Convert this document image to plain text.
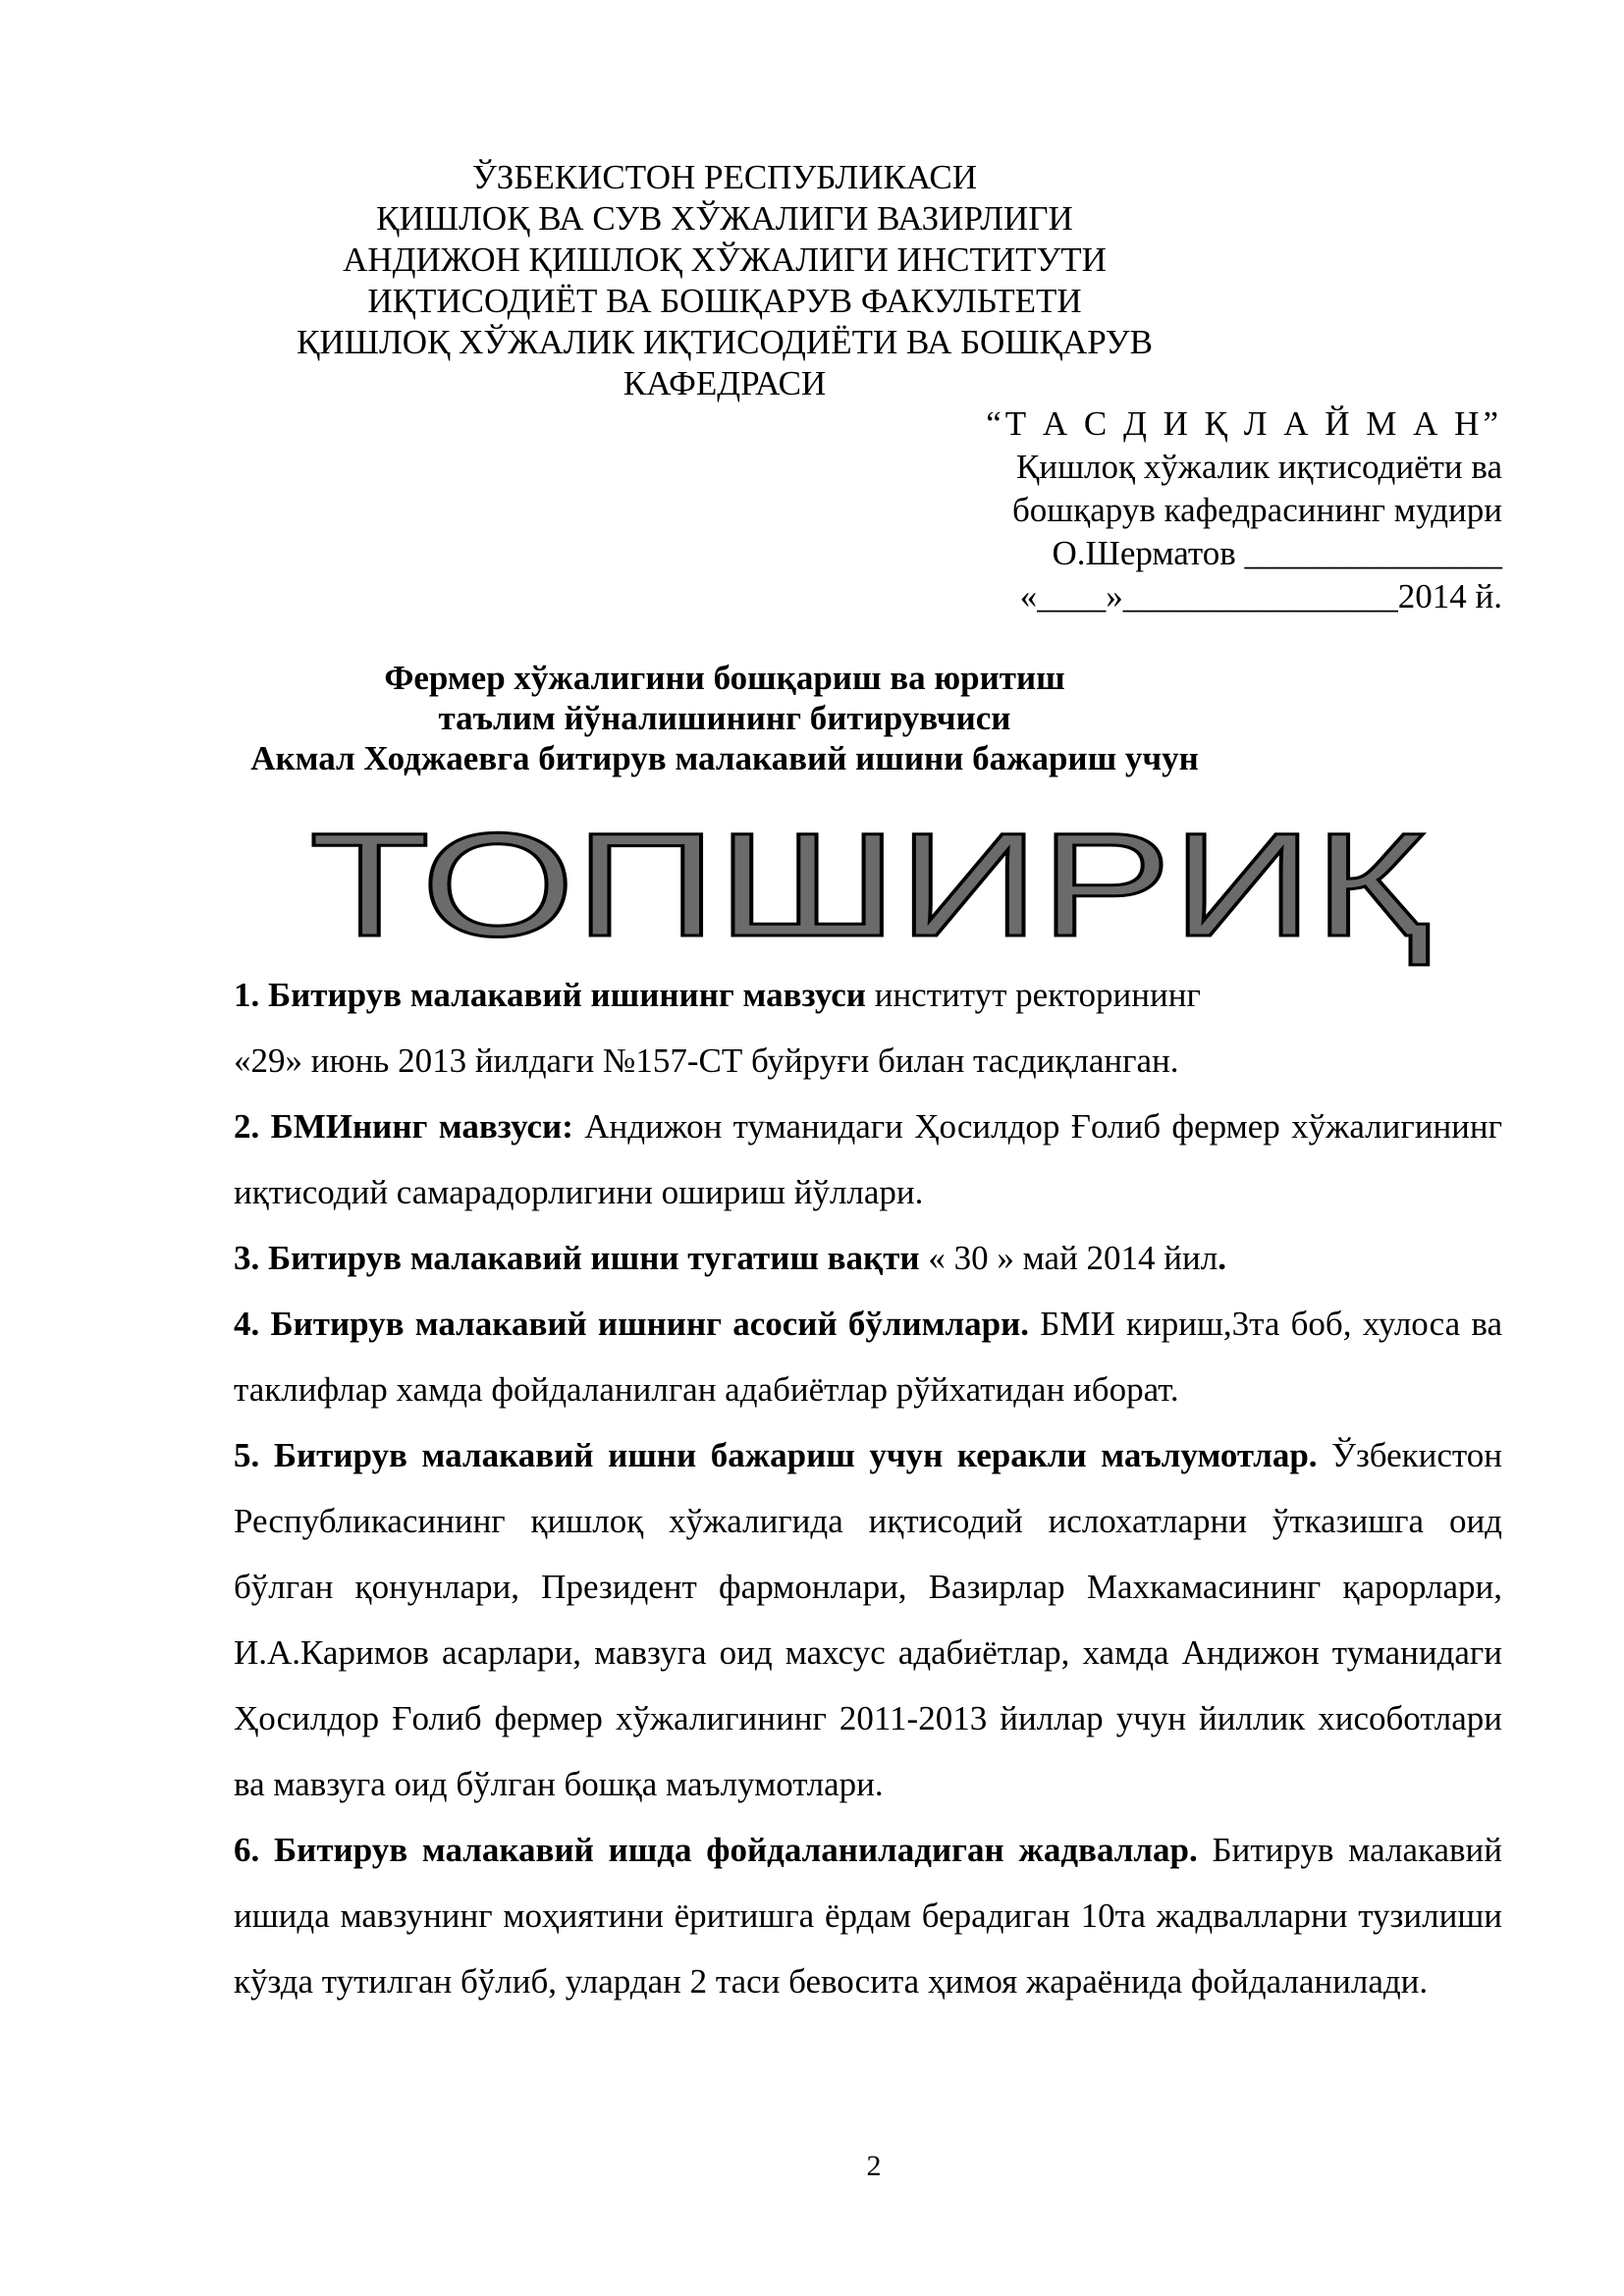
ЎЗБЕКИСТОН РЕСПУБЛИКАСИ
ҚИШЛОҚ ВА СУВ ХЎЖАЛИГИ ВАЗИРЛИГИ
АНДИЖОН ҚИШЛОҚ ХЎЖАЛИГИ ИНСТИТУТИ
ИҚТИСОДИЁТ ВА БОШҚАРУВ ФАКУЛЬТЕТИ
ҚИШЛОҚ ХЎЖАЛИК ИҚТИСОДИЁТИ ВА БОШҚАРУВ
КАФЕДРАСИ
“Т А С Д И Қ Л А Й М А Н”
Қишлоқ хўжалик иқтисодиёти ва
бошқарув кафедрасининг мудири
О.Шерматов _______________
«____»________________2014 й.
Фермер хўжалигини бошқариш ва юритиш
таълим йўналишининг битирувчиси
Акмал Ходжаевга битирув малакавий ишини бажариш учун
ТОПШИРИҚ

1. Битирув малакавий ишининг мавзуси институт ректорининг
«29» июнь 2013 йилдаги №157-СТ буйруғи билан тасдиқланган.

2. БМИнинг мавзуси: Андижон туманидаги Ҳосилдор Ғолиб фермер хўжалигининг иқтисодий самарадорлигини ошириш йўллари.

3. Битирув малакавий ишни тугатиш вақти « 30 » май 2014 йил.

4. Битирув малакавий ишнинг асосий бўлимлари. БМИ кириш,3та боб, хулоса ва таклифлар хамда фойдаланилган адабиётлар рўйхатидан иборат.

5. Битирув малакавий ишни бажариш учун керакли маълумотлар. Ўзбекистон Республикасининг қишлоқ хўжалигида иқтисодий ислохатларни ўтказишга оид бўлган қонунлари, Президент фармонлари, Вазирлар Махкамасининг қарорлари, И.А.Каримов асарлари, мавзуга оид махсус адабиётлар, хамда Андижон туманидаги Ҳосилдор Ғолиб фермер хўжалигининг 2011-2013 йиллар учун йиллик хисоботлари ва мавзуга оид бўлган бошқа маълумотлари.

6. Битирув малакавий ишда фойдаланиладиган жадваллар. Битирув малакавий ишида мавзунинг моҳиятини ёритишга ёрдам берадиган 10та жадвалларни тузилиши кўзда тутилган бўлиб, улардан 2 таси бевосита ҳимоя жараёнида фойдаланилади.

2
